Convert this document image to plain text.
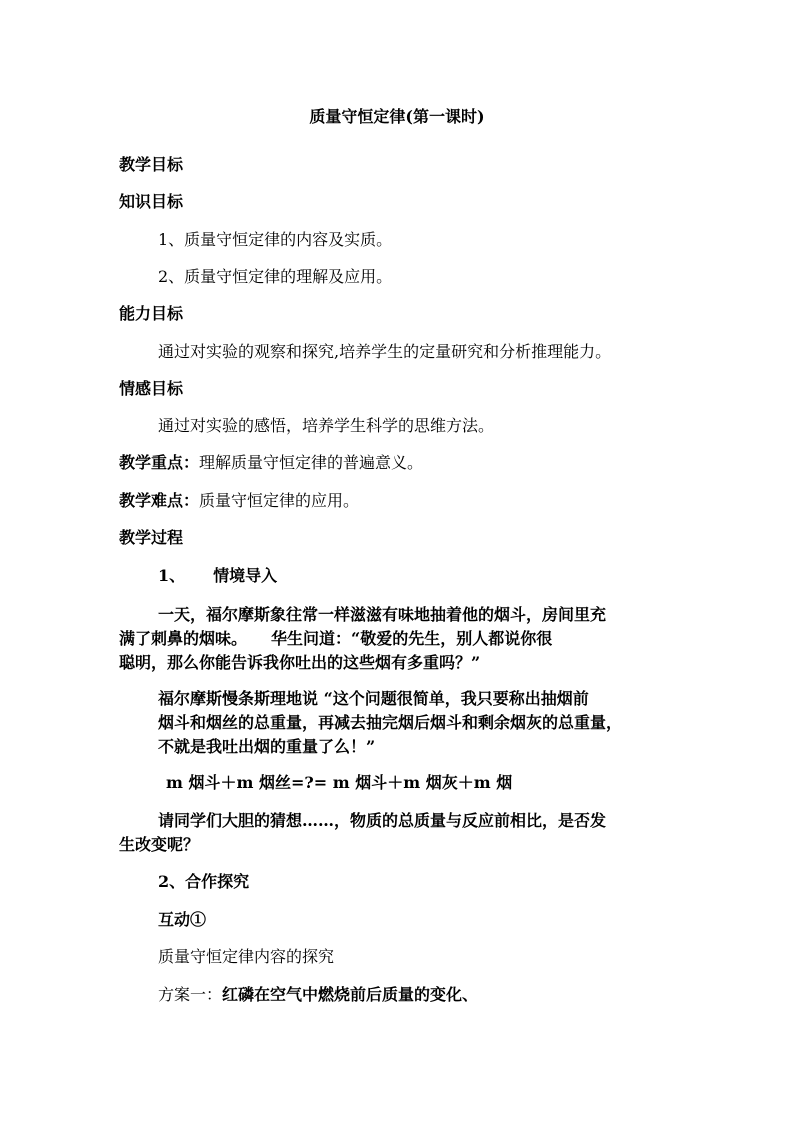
质量守恒定律(第一课时)
教学目标
知识目标
1、质量守恒定律的内容及实质。
2、质量守恒定律的理解及应用。
能力目标
通过对实验的观察和探究,培养学生的定量研究和分析推理能力。
情感目标
通过对实验的感悟，培养学生科学的思维方法。
教学重点：理解质量守恒定律的普遍意义。
教学难点：质量守恒定律的应用。
教学过程
1、 情境导入
一天，福尔摩斯象往常一样滋滋有味地抽着他的烟斗，房间里充
满了刺鼻的烟味。　　华生问道：“敬爱的先生，别人都说你很
聪明，那么你能告诉我你吐出的这些烟有多重吗？”
福尔摩斯慢条斯理地说 “这个问题很简单，我只要称出抽烟前
烟斗和烟丝的总重量，再减去抽完烟后烟斗和剩余烟灰的总重量，
不就是我吐出烟的重量了么！”
m 烟斗＋m 烟丝=?= m 烟斗＋m 烟灰＋m 烟
请同学们大胆的猜想……，物质的总质量与反应前相比，是否发
生改变呢？
2、合作探究
互动①
质量守恒定律内容的探究
方案一：红磷在空气中燃烧前后质量的变化、
